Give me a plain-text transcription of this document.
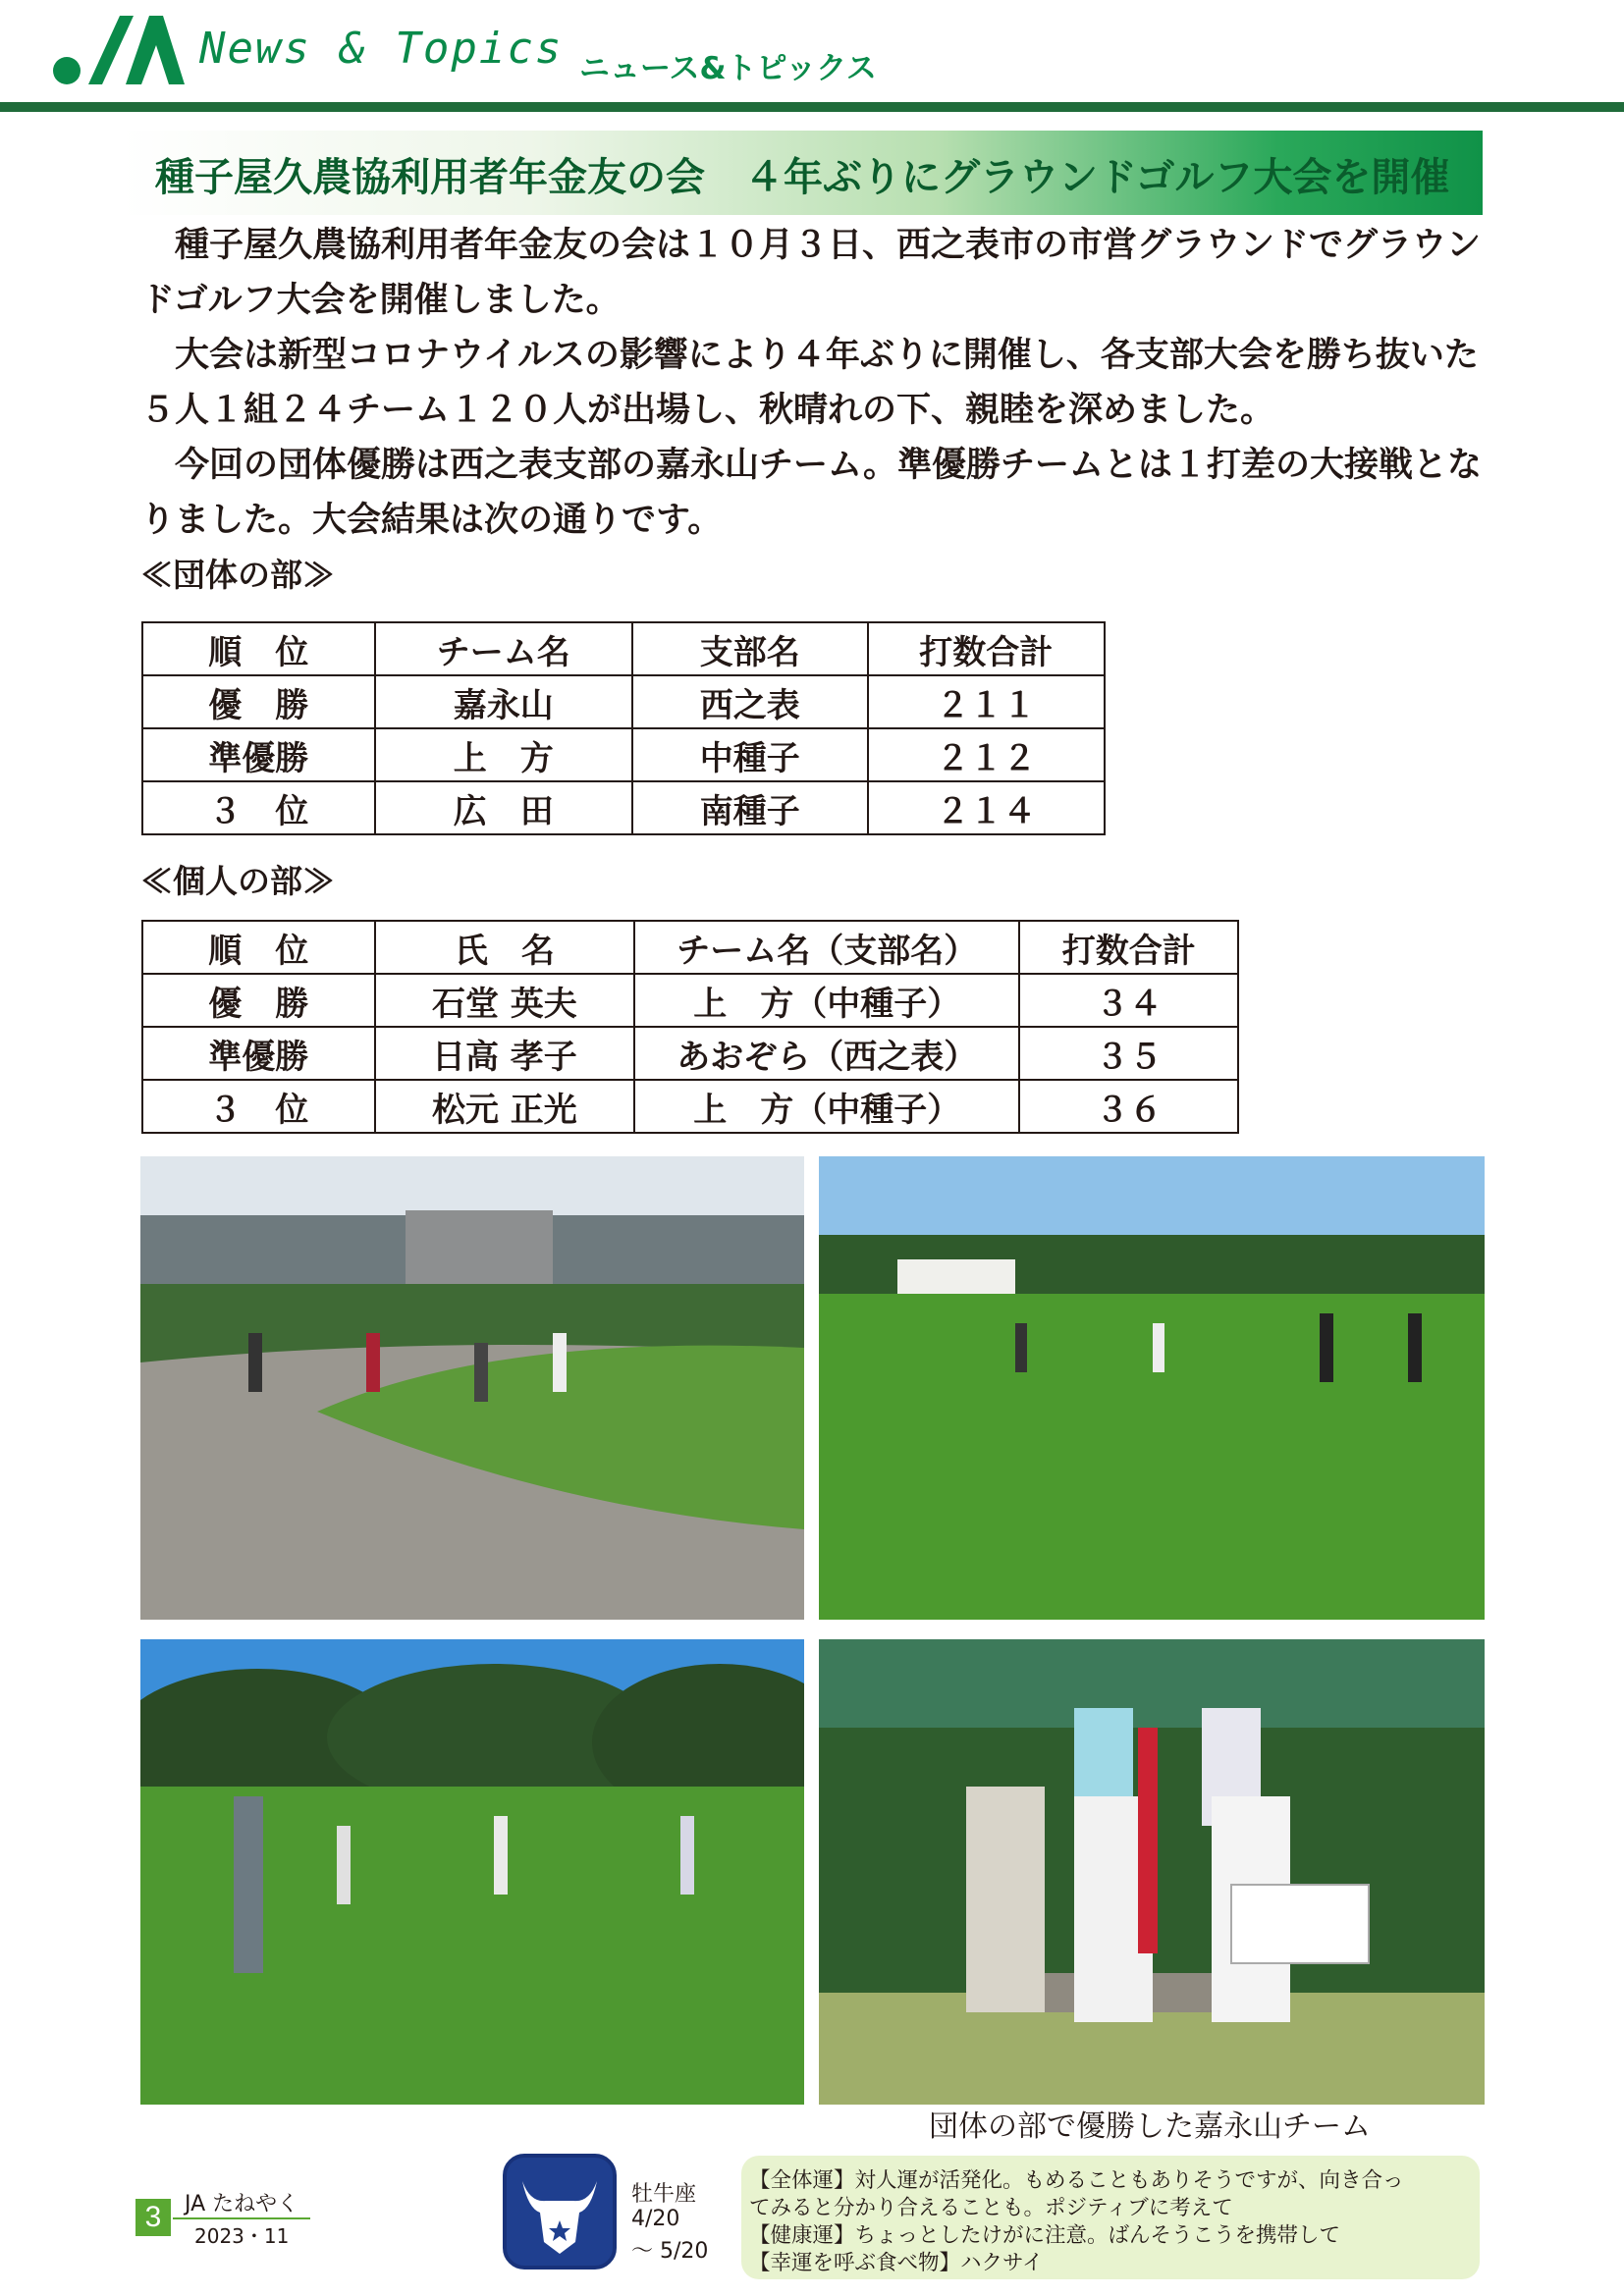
News & Topics ニュース&トピックス
種子屋久農協利用者年金友の会　４年ぶりにグラウンドゴルフ大会を開催
　種子屋久農協利用者年金友の会は１０月３日、西之表市の市営グラウンドでグラウンドゴルフ大会を開催しました。
　大会は新型コロナウイルスの影響により４年ぶりに開催し、各支部大会を勝ち抜いた５人１組２４チーム１２０人が出場し、秋晴れの下、親睦を深めました。
　今回の団体優勝は西之表支部の嘉永山チーム。準優勝チームとは１打差の大接戦となりました。大会結果は次の通りです。
≪団体の部≫
順　位	チーム名	支部名	打数合計
優　勝	嘉永山	西之表	２１１
準優勝	上　方	中種子	２１２
３　位	広　田	南種子	２１４
≪個人の部≫
順　位	氏　名	チーム名（支部名）	打数合計
優　勝	石堂 英夫	上　方（中種子）	３４
準優勝	日高 孝子	あおぞら（西之表）	３５
３　位	松元 正光	上　方（中種子）	３６
団体の部で優勝した嘉永山チーム
3	JA たねやく
2023・11
牡牛座
4/20
～ 5/20
【全体運】対人運が活発化。もめることもありそうですが、向き合っ
てみると分かり合えることも。ポジティブに考えて
【健康運】ちょっとしたけがに注意。ばんそうこうを携帯して
【幸運を呼ぶ食べ物】ハクサイ
